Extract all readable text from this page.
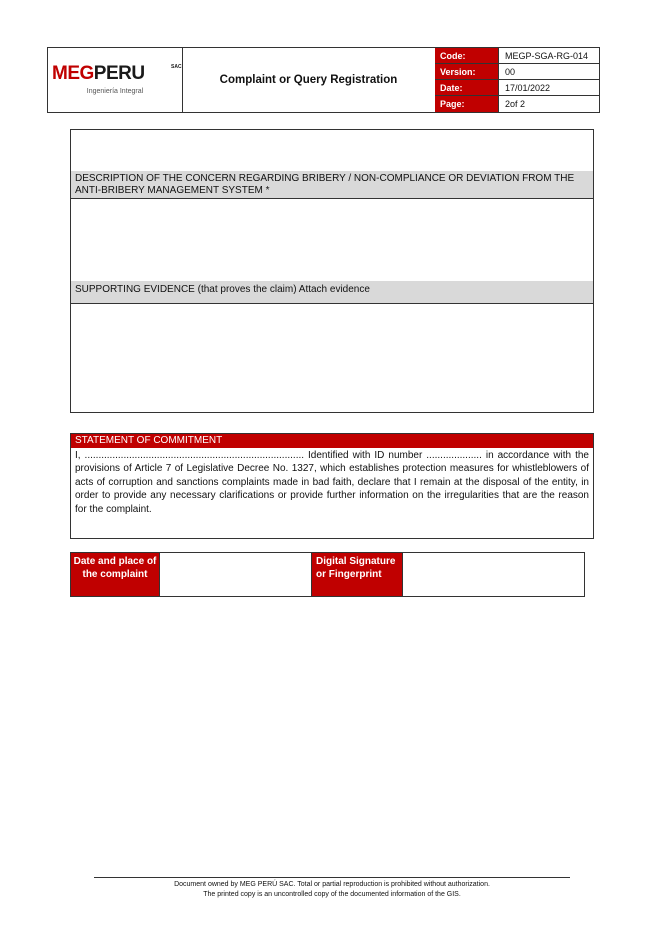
MEGPERU	SAC
Ingeniería Integral
Complaint or Query Registration
Code:	MEGP-SGA-RG-014
Version:	00
Date:	17/01/2022
Page:	2of 2
DESCRIPTION OF THE CONCERN REGARDING BRIBERY / NON-COMPLIANCE OR DEVIATION FROM THE ANTI-BRIBERY MANAGEMENT SYSTEM *
SUPPORTING EVIDENCE (that proves the claim) Attach evidence
STATEMENT OF COMMITMENT
I, ............................................................................... Identified with ID number .................... in accordance with the provisions of Article 7 of Legislative Decree No. 1327, which establishes protection measures for whistleblowers of acts of corruption and sanctions complaints made in bad faith, declare that I remain at the disposal of the entity, in order to provide any necessary clarifications or provide further information on the irregularities that are the reason for the complaint.
Date and place of the complaint
Digital Signature or Fingerprint
Document owned by MEG PERÚ SAC. Total or partial reproduction is prohibited without authorization.
The printed copy is an uncontrolled copy of the documented information of the GIS.
